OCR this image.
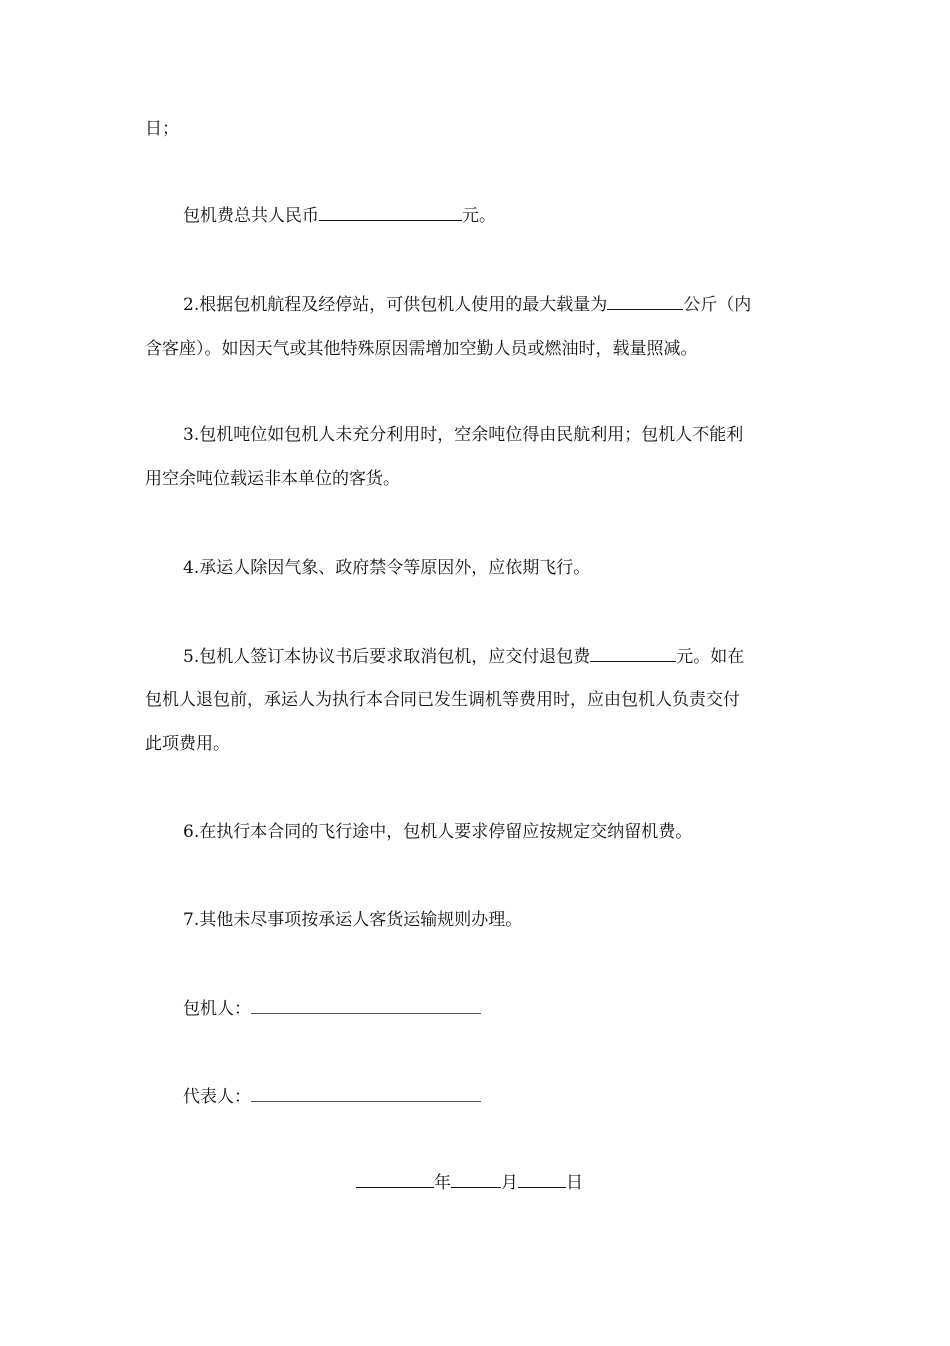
日；
包机费总共人民币	元。
2.根据包机航程及经停站，可供包机人使用的最大载量为	公斤（内
含客座）。如因天气或其他特殊原因需增加空勤人员或燃油时，载量照减。
3.包机吨位如包机人未充分利用时，空余吨位得由民航利用；包机人不能利
用空余吨位载运非本单位的客货。
4.承运人除因气象、政府禁令等原因外，应依期飞行。
5.包机人签订本协议书后要求取消包机，应交付退包费	元。如在
包机人退包前，承运人为执行本合同已发生调机等费用时，应由包机人负责交付
此项费用。
6.在执行本合同的飞行途中，包机人要求停留应按规定交纳留机费。
7.其他未尽事项按承运人客货运输规则办理。
包机人：
代表人：
年	月	日
